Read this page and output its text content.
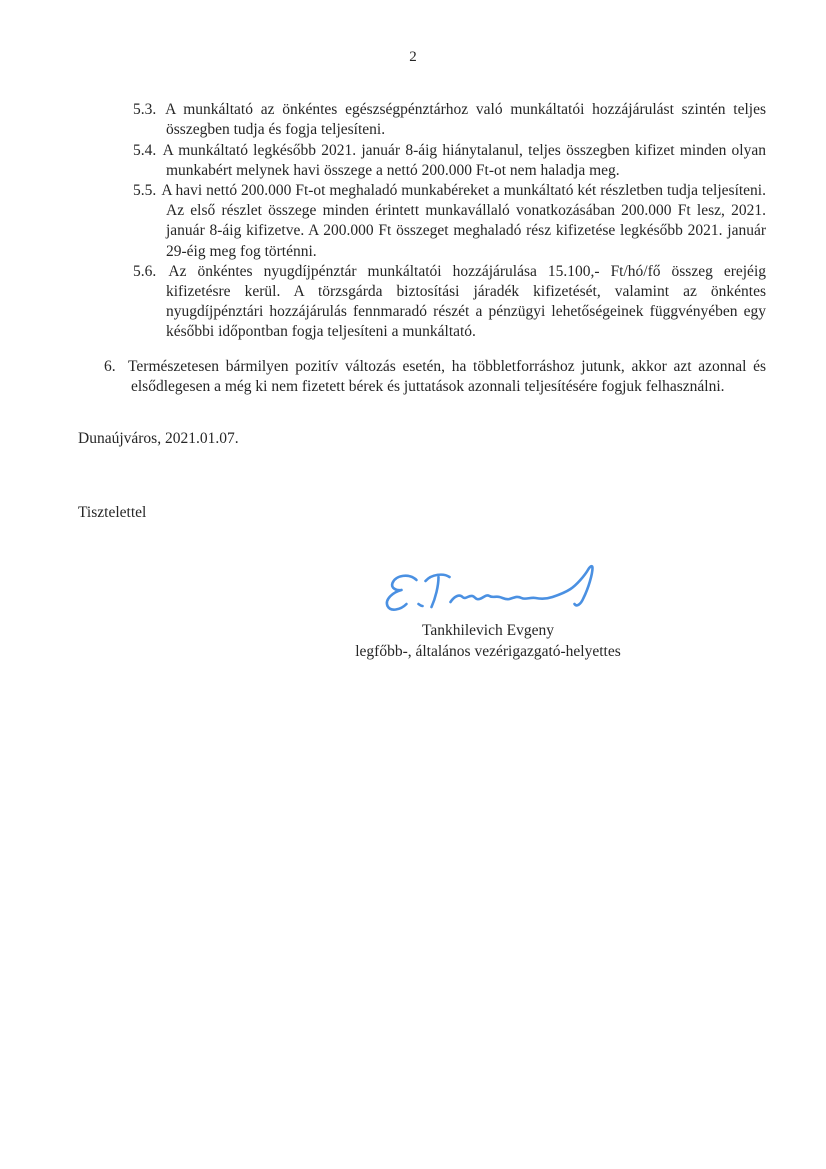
2

5.3. A munkáltató az önkéntes egészségpénztárhoz való munkáltatói hozzájárulást szintén teljes összegben tudja és fogja teljesíteni.

5.4. A munkáltató legkésőbb 2021. január 8-áig hiánytalanul, teljes összegben kifizet minden olyan munkabért melynek havi összege a nettó 200.000 Ft-ot nem haladja meg.

5.5. A havi nettó 200.000 Ft-ot meghaladó munkabéreket a munkáltató két részletben tudja teljesíteni. Az első részlet összege minden érintett munkavállaló vonatkozásában 200.000 Ft lesz, 2021. január 8-áig kifizetve. A 200.000 Ft összeget meghaladó rész kifizetése legkésőbb 2021. január 29-éig meg fog történni.

5.6. Az önkéntes nyugdíjpénztár munkáltatói hozzájárulása 15.100,- Ft/hó/fő összeg erejéig kifizetésre kerül. A törzsgárda biztosítási járadék kifizetését, valamint az önkéntes nyugdíjpénztári hozzájárulás fennmaradó részét a pénzügyi lehetőségeinek függvényében egy későbbi időpontban fogja teljesíteni a munkáltató.

6. Természetesen bármilyen pozitív változás esetén, ha többletforráshoz jutunk, akkor azt azonnal és elsődlegesen a még ki nem fizetett bérek és juttatások azonnali teljesítésére fogjuk felhasználni.

Dunaújváros, 2021.01.07.
Tisztelettel
Tankhilevich Evgeny
legfőbb-, általános vezérigazgató-helyettes
